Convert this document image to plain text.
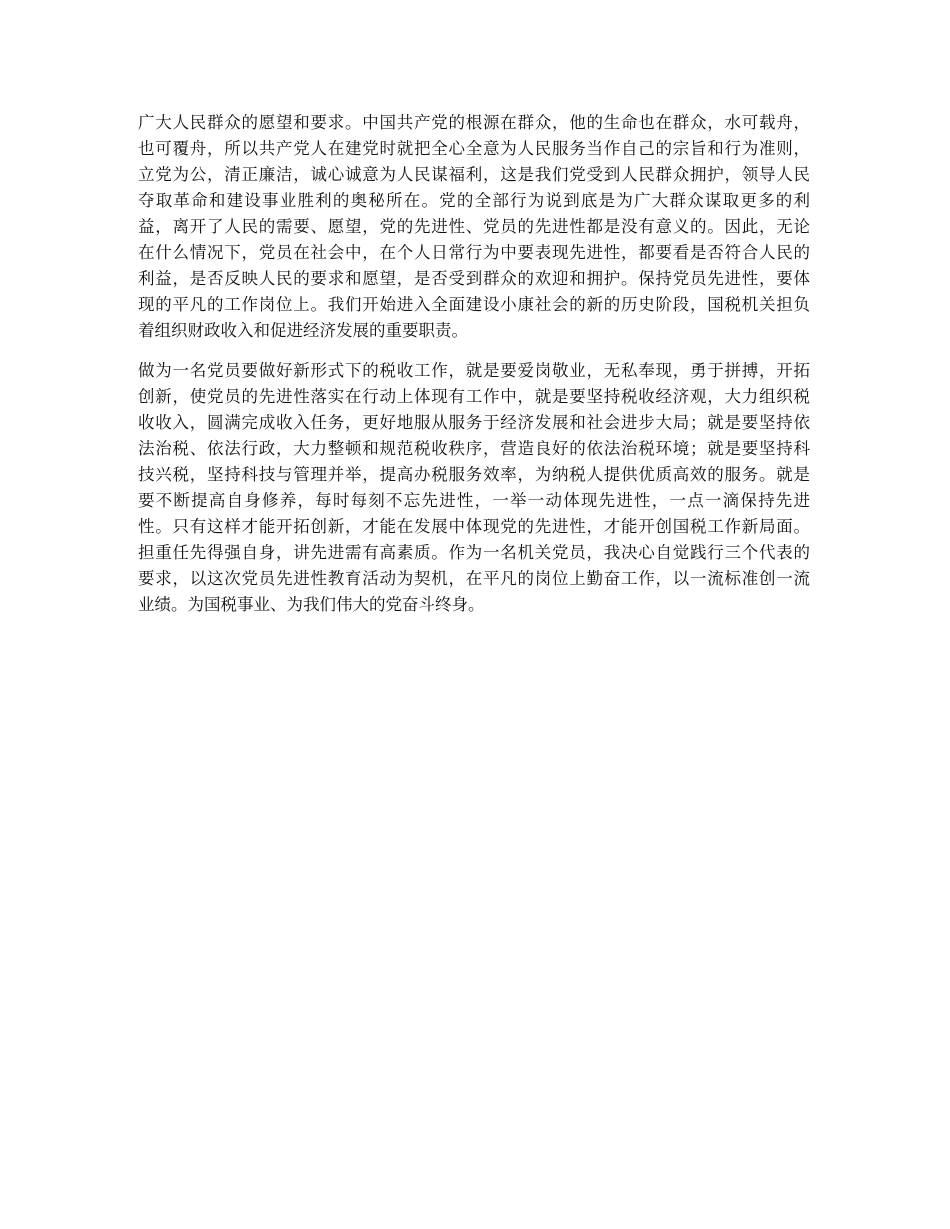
广大人民群众的愿望和要求。中国共产党的根源在群众，他的生命也在群众，水可载舟，
也可覆舟，所以共产党人在建党时就把全心全意为人民服务当作自己的宗旨和行为准则，
立党为公，清正廉洁，诚心诚意为人民谋福利，这是我们党受到人民群众拥护，领导人民
夺取革命和建设事业胜利的奥秘所在。党的全部行为说到底是为广大群众谋取更多的利
益，离开了人民的需要、愿望，党的先进性、党员的先进性都是没有意义的。因此，无论
在什么情况下，党员在社会中，在个人日常行为中要表现先进性，都要看是否符合人民的
利益，是否反映人民的要求和愿望，是否受到群众的欢迎和拥护。保持党员先进性，要体
现的平凡的工作岗位上。我们开始进入全面建设小康社会的新的历史阶段，国税机关担负
着组织财政收入和促进经济发展的重要职责。

做为一名党员要做好新形式下的税收工作，就是要爱岗敬业，无私奉现，勇于拼搏，开拓
创新，使党员的先进性落实在行动上体现有工作中，就是要坚持税收经济观，大力组织税
收收入，圆满完成收入任务，更好地服从服务于经济发展和社会进步大局；就是要坚持依
法治税、依法行政，大力整顿和规范税收秩序，营造良好的依法治税环境；就是要坚持科
技兴税，坚持科技与管理并举，提高办税服务效率，为纳税人提供优质高效的服务。就是
要不断提高自身修养，每时每刻不忘先进性，一举一动体现先进性，一点一滴保持先进
性。只有这样才能开拓创新，才能在发展中体现党的先进性，才能开创国税工作新局面。
担重任先得强自身，讲先进需有高素质。作为一名机关党员，我决心自觉践行三个代表的
要求，以这次党员先进性教育活动为契机，在平凡的岗位上勤奋工作，以一流标准创一流
业绩。为国税事业、为我们伟大的党奋斗终身。
